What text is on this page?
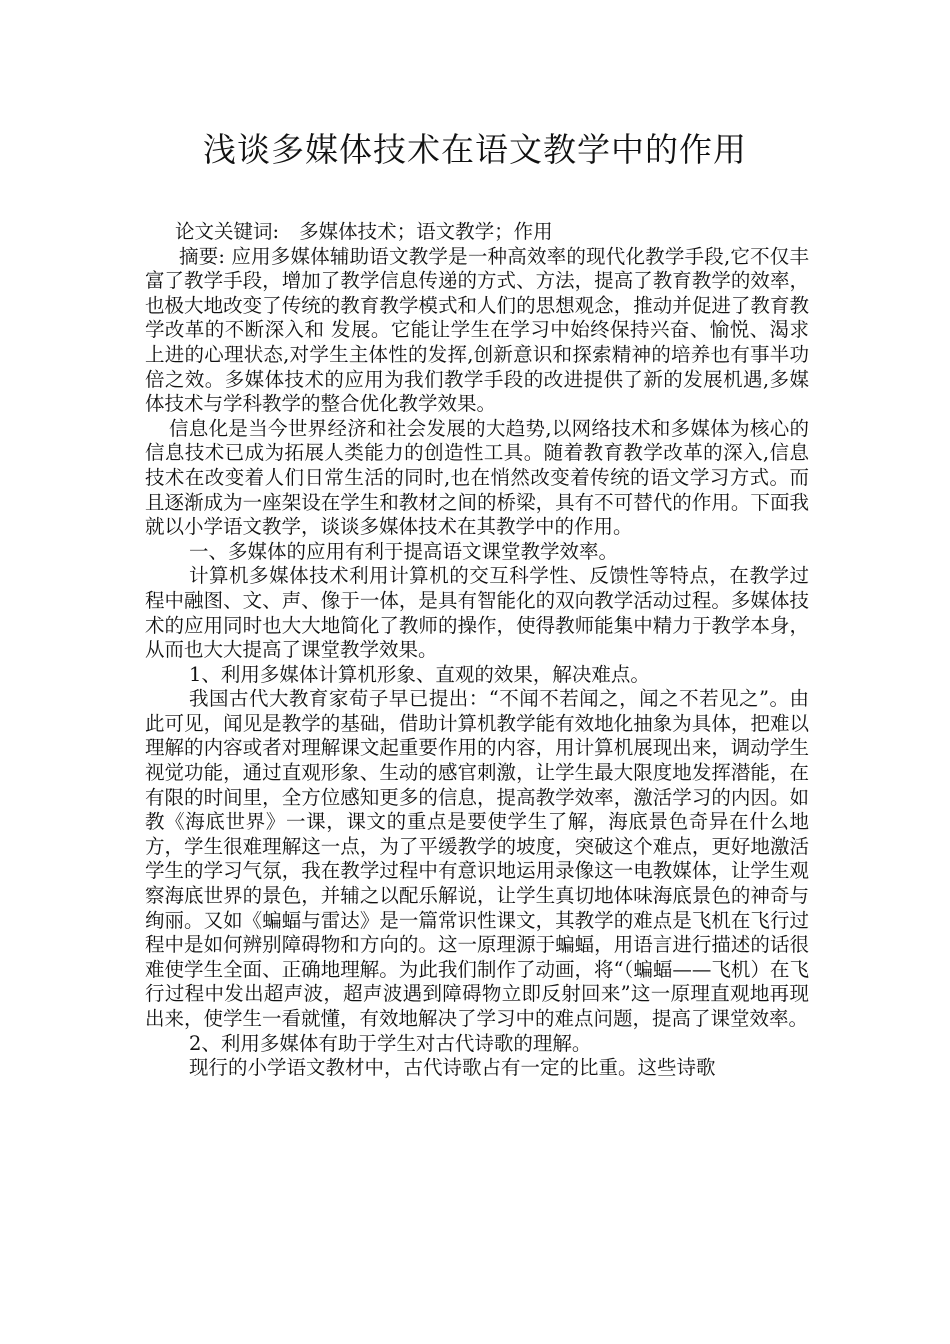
浅谈多媒体技术在语文教学中的作用

论文关键词: 多媒体技术；语文教学；作用

摘要: 应用多媒体辅助语文教学是一种高效率的现代化教学手段,它不仅丰富了教学手段，增加了教学信息传递的方式、方法，提高了教育教学的效率，也极大地改变了传统的教育教学模式和人们的思想观念，推动并促进了教育教学改革的不断深入和 发展。它能让学生在学习中始终保持兴奋、愉悦、渴求上进的心理状态,对学生主体性的发挥,创新意识和探索精神的培养也有事半功倍之效。多媒体技术的应用为我们教学手段的改进提供了新的发展机遇,多媒体技术与学科教学的整合优化教学效果。

信息化是当今世界经济和社会发展的大趋势,以网络技术和多媒体为核心的信息技术已成为拓展人类能力的创造性工具。随着教育教学改革的深入,信息技术在改变着人们日常生活的同时,也在悄然改变着传统的语文学习方式。而且逐渐成为一座架设在学生和教材之间的桥梁，具有不可替代的作用。下面我就以小学语文教学，谈谈多媒体技术在其教学中的作用。

一、多媒体的应用有利于提高语文课堂教学效率。

计算机多媒体技术利用计算机的交互科学性、反馈性等特点，在教学过程中融图、文、声、像于一体，是具有智能化的双向教学活动过程。多媒体技术的应用同时也大大地简化了教师的操作，使得教师能集中精力于教学本身，从而也大大提高了课堂教学效果。

1、利用多媒体计算机形象、直观的效果，解决难点。

我国古代大教育家荀子早已提出：“不闻不若闻之，闻之不若见之”。由此可见，闻见是教学的基础，借助计算机教学能有效地化抽象为具体，把难以理解的内容或者对理解课文起重要作用的内容，用计算机展现出来，调动学生视觉功能，通过直观形象、生动的感官刺激，让学生最大限度地发挥潜能，在有限的时间里，全方位感知更多的信息，提高教学效率，激活学习的内因。如教《海底世界》一课，课文的重点是要使学生了解，海底景色奇异在什么地方，学生很难理解这一点，为了平缓教学的坡度，突破这个难点，更好地激活学生的学习气氛，我在教学过程中有意识地运用录像这一电教媒体，让学生观察海底世界的景色，并辅之以配乐解说，让学生真切地体味海底景色的神奇与绚丽。又如《蝙蝠与雷达》是一篇常识性课文，其教学的难点是飞机在飞行过程中是如何辨别障碍物和方向的。这一原理源于蝙蝠，用语言进行描述的话很难使学生全面、正确地理解。为此我们制作了动画，将“（蝙蝠——飞机）在飞行过程中发出超声波，超声波遇到障碍物立即反射回来”这一原理直观地再现出来，使学生一看就懂，有效地解决了学习中的难点问题，提高了课堂效率。

2、利用多媒体有助于学生对古代诗歌的理解。

现行的小学语文教材中，古代诗歌占有一定的比重。这些诗歌
